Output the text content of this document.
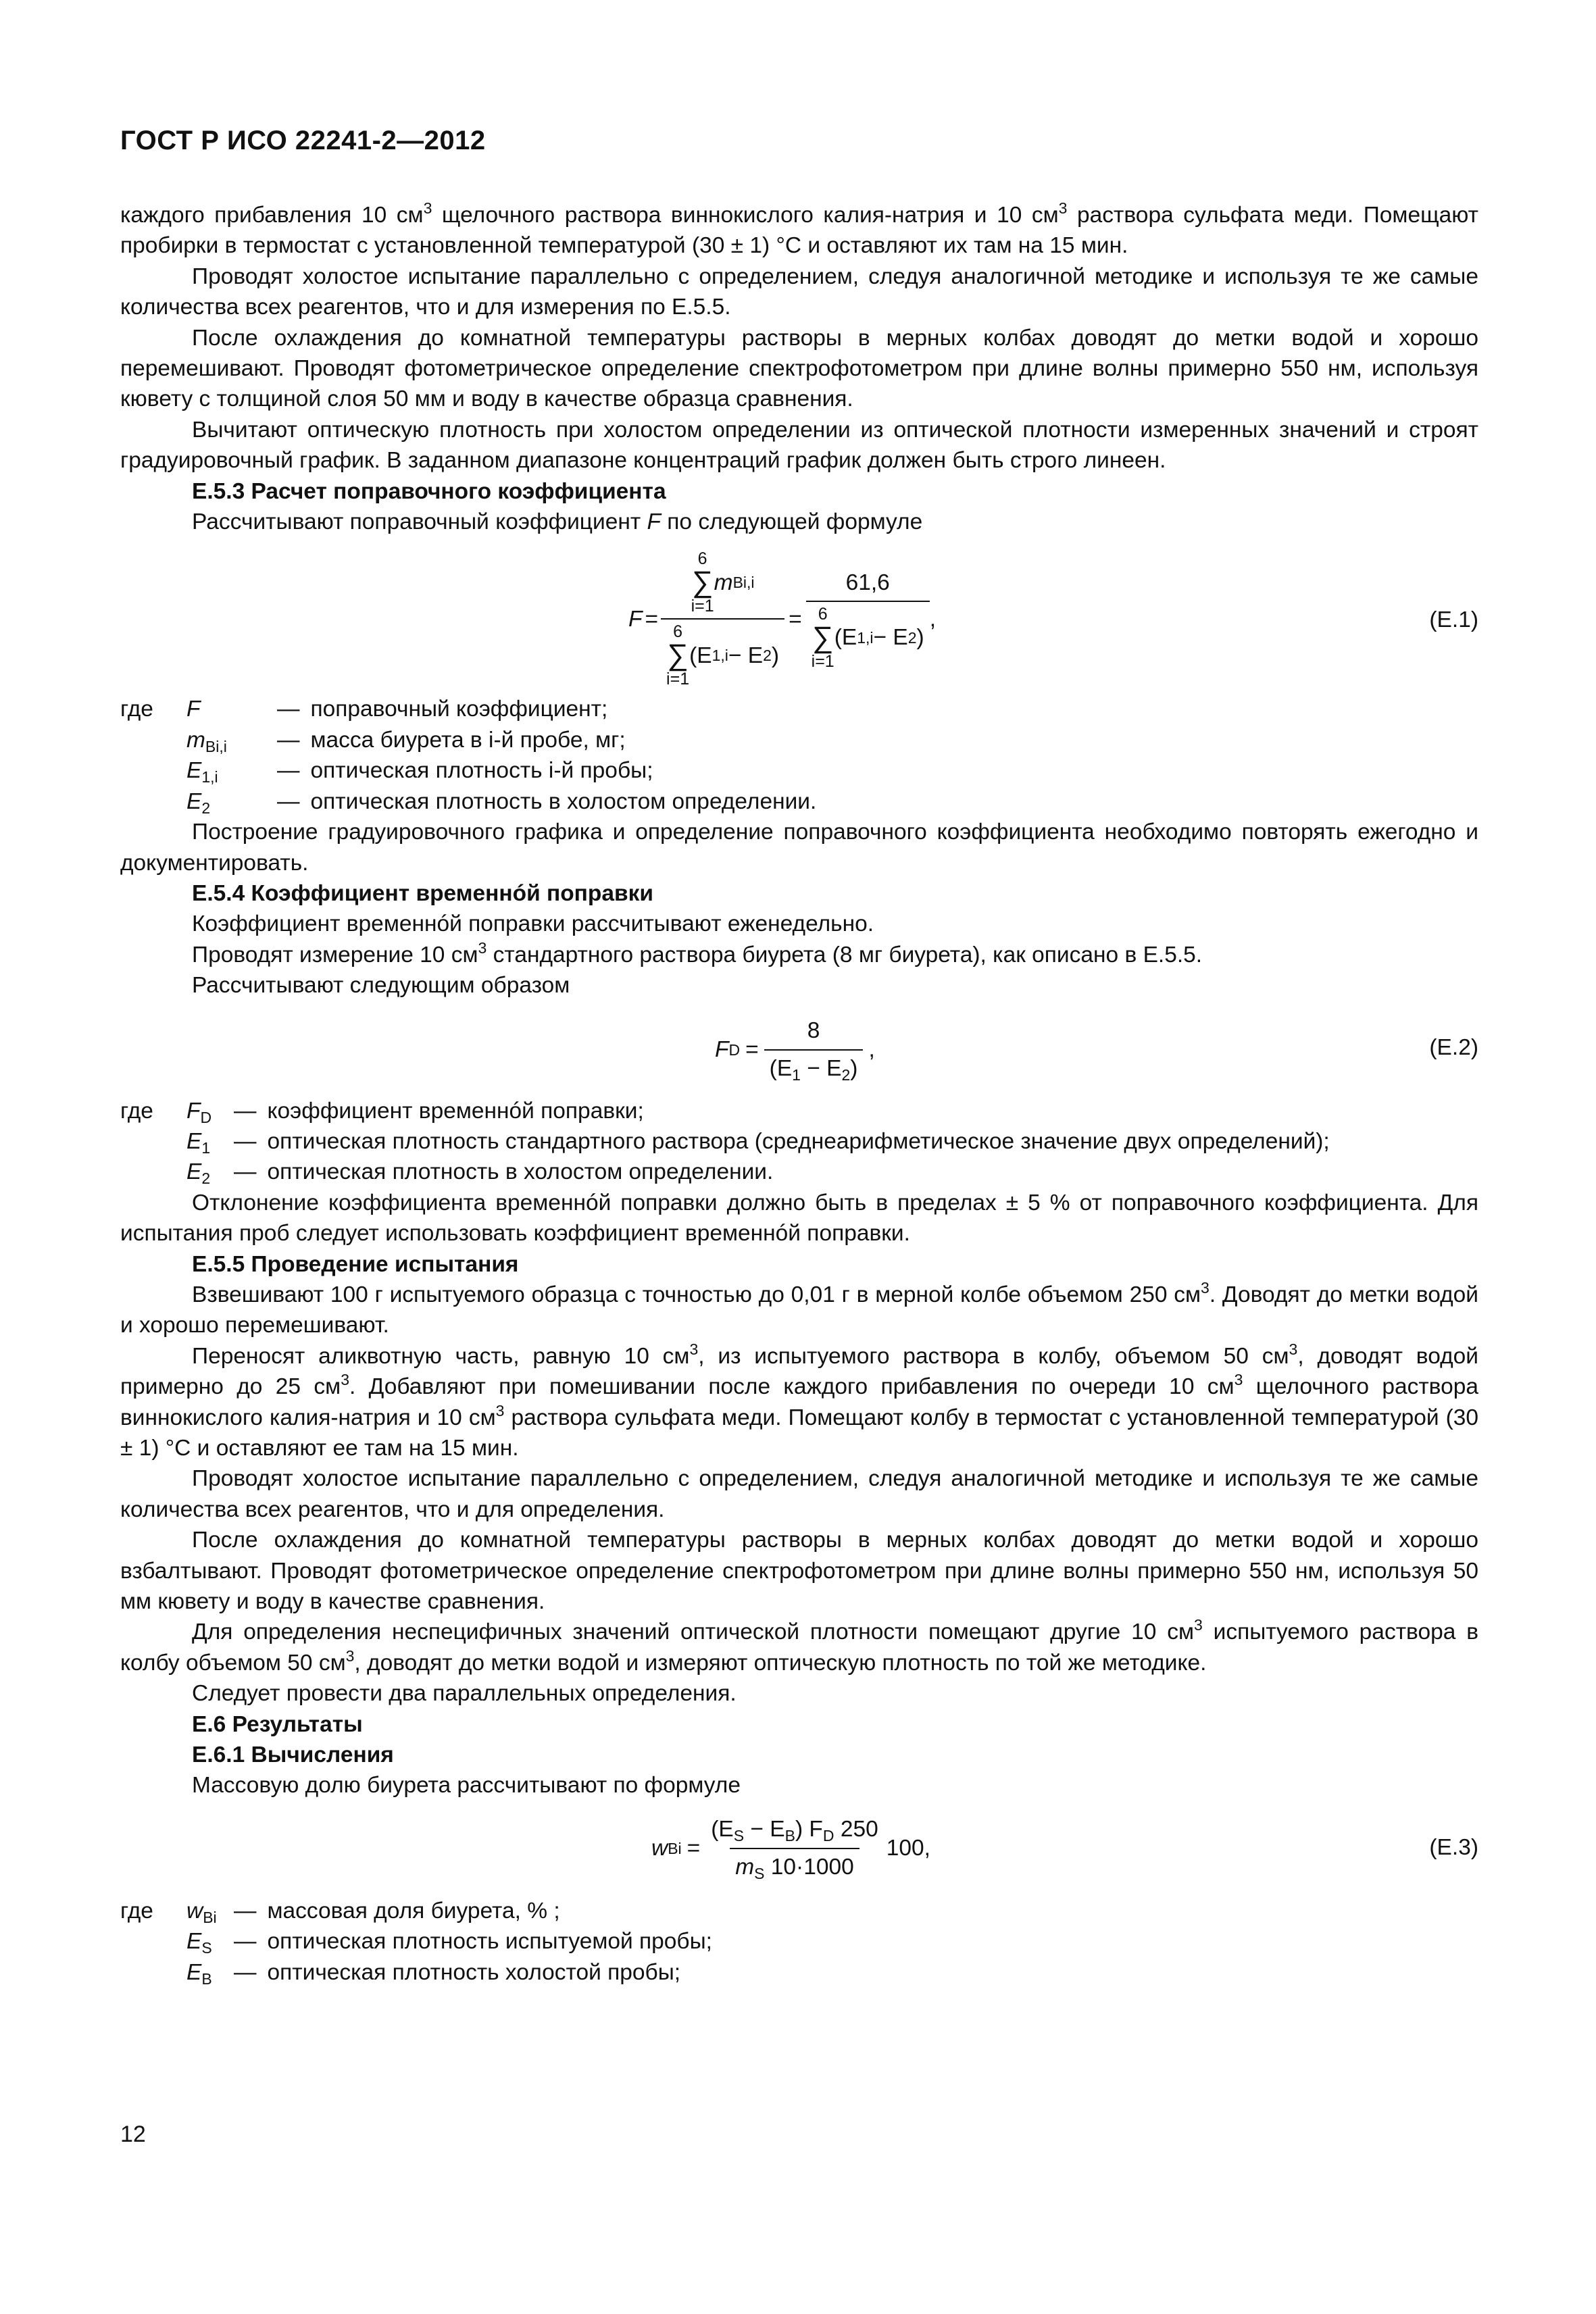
ГОСТ Р ИСО 22241-2—2012

каждого прибавления 10 $см^3$ щелочного раствора виннокислого калия-натрия и 10 $см^3$ раствора сульфата меди. Помещают пробирки в термостат с установленной температурой (30 ± 1) °С и оставляют их там на 15 мин.

Проводят холостое испытание параллельно с определением, следуя аналогичной методике и используя те же самые количества всех реагентов, что и для измерения по Е.5.5.

После охлаждения до комнатной температуры растворы в мерных колбах доводят до метки водой и хорошо перемешивают. Проводят фотометрическое определение спектрофотометром при длине волны примерно 550 нм, используя кювету с толщиной слоя 50 мм и воду в качестве образца сравнения.

Вычитают оптическую плотность при холостом определении из оптической плотности измеренных значений и строят градуировочный график. В заданном диапазоне концентраций график должен быть строго линеен.

Е.5.3 Расчет поправочного коэффициента

Рассчитывают поправочный коэффициент F по следующей формуле

F = 6
∑
i=1
m Bi,i
6
∑
i=1
(E 1,i − E 2 ) = 61,6
6
∑
i=1
(E 1,i − E 2 ) ,	(Е.1)
где	F	— поправочный коэффициент;
$m_{Bi,i}$	— масса биурета в i-й пробе, мг;
$E_{1,i}$	— оптическая плотность i-й пробы;
$E_2$	— оптическая плотность в холостом определении.

Построение градуировочного графика и определение поправочного коэффициента необходимо повторять ежегодно и документировать.

Е.5.4 Коэффициент временнóй поправки

Коэффициент временнóй поправки рассчитывают еженедельно.

Проводят измерение 10 $см^3$ стандартного раствора биурета (8 мг биурета), как описано в Е.5.5.

Рассчитывают следующим образом

F $D = \frac{8}{(E_1 - E_2)}$ ,	(Е.2)
где	$F_D$ — коэффициент временнóй поправки;
$E_1$	— оптическая плотность стандартного раствора (среднеарифметическое значение двух определений);
$E_2$	— оптическая плотность в холостом определении.

Отклонение коэффициента временнóй поправки должно быть в пределах ± 5 % от поправочного коэффициента. Для испытания проб следует использовать коэффициент временнóй поправки.

Е.5.5 Проведение испытания

Взвешивают 100 г испытуемого образца с точностью до 0,01 г в мерной колбе объемом 250 $см^3$. Доводят до метки водой и хорошо перемешивают.

Переносят аликвотную часть, равную 10 $см^3$, из испытуемого раствора в колбу, объемом 50 $см^3$, доводят водой примерно до 25 $см^3$. Добавляют при помешивании после каждого прибавления по очереди 10 $см^3$ щелочного раствора виннокислого калия-натрия и 10 $см^3$ раствора сульфата меди. Помещают колбу в термостат с установленной температурой (30 ± 1) °С и оставляют ее там на 15 мин.

Проводят холостое испытание параллельно с определением, следуя аналогичной методике и используя те же самые количества всех реагентов, что и для определения.

После охлаждения до комнатной температуры растворы в мерных колбах доводят до метки водой и хорошо взбалтывают. Проводят фотометрическое определение спектрофотометром при длине волны примерно 550 нм, используя 50 мм кювету и воду в качестве сравнения.

Для определения неспецифичных значений оптической плотности помещают другие 10 $см^3$ испытуемого раствора в колбу объемом 50 $см^3$, доводят до метки водой и измеряют оптическую плотность по той же методике.

Следует провести два параллельных определения.

Е.6 Результаты

Е.6.1 Вычисления

Массовую долю биурета рассчитывают по формуле

w $Bi = \frac{(E_S - E_B) F_D 250}{m_S 10\cdot 1000} 100$,	(Е.3)
где	$w_{Bi}$ — массовая доля биурета, % ;
$E_S$ — оптическая плотность испытуемой пробы;
$E_B$ — оптическая плотность холостой пробы;
12
